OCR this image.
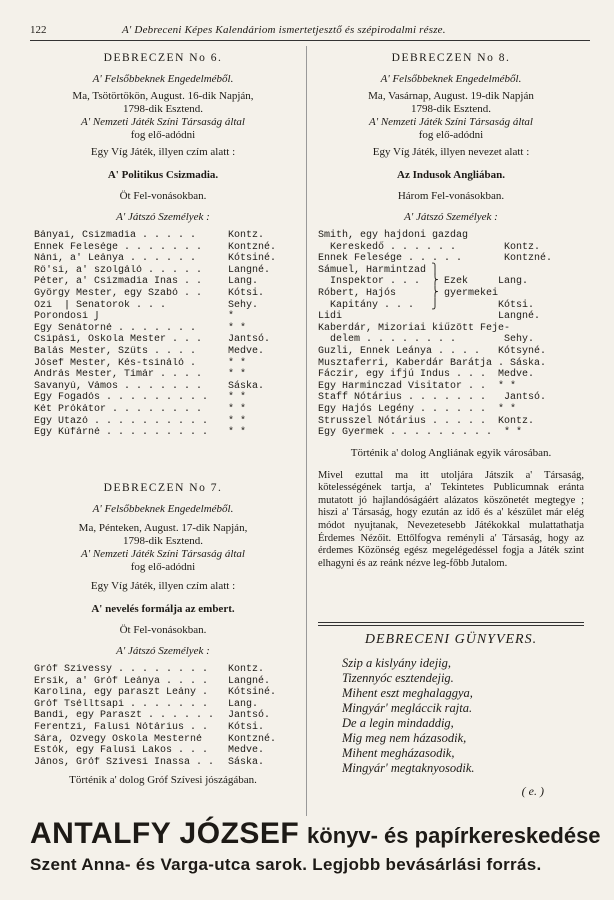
122	A' Debreceni Képes Kalendáriom ismertetjesztő és szépirodalmi része.
DEBRECZEN No 6.
A' Felsőbbeknek Engedelméből.
Ma, Tsötörtökön, August. 16-dik Napján,
1798-dik Esztend.
A' Nemzeti Játék Színi Társaság által
fog elő-adódni
Egy Víg Játék, illyen czím alatt :
A' Politikus Csizmadia.
Öt Fel-vonásokban.
A' Játszó Személyek :
Bányai, Csizmadia . . . . .	Kontz.
Ennek Felesége . . . . . . .	Kontzné.
Náni, a' Leánya . . . . . .	Kótsiné.
Rő'si, a' szolgáló . . . . .	Langné.
Péter, a' Csizmadia Inas . .	Lang.
György Mester, egy Szabó . .	Kótsi.
Özi  ⎫ Senatorok . . .	Sehy.
Porondosi ⎭	*
Egy Senátorné . . . . . . .	* *
Csipási, Oskola Mester . . .	Jantsó.
Balás Mester, Szűts . . . .	Medve.
Jósef Mester, Kés-tsináló .	* *
András Mester, Tímár . . . .	* *
Savanyú, Vámos . . . . . . .	Sáska.
Egy Fogadós . . . . . . . . . * *
Két Prókátor . . . . . . . .	* *
Egy Útazó . . . . . . . . . . * *
Egy Kúfárné . . . . . . . . . * *
DEBRECZEN No 7.
A' Felsőbbeknek Engedelméből.
Ma, Pénteken, August. 17-dik Napján,
1798-dik Esztend.
A' Nemzeti Játék Színi Társaság által
fog elő-adódni
Egy Víg Játék, illyen czím alatt :
A' nevelés formálja az embert.
Öt Fel-vonásokban.
A' Játszó Személyek :
Gróf Szívessy . . . . . . . . Kontz.
Ersik, a' Gróf Leánya . . . . Langné.
Karolina, egy paraszt Leány . Kótsiné.
Gróf Tsélltsapi . . . . . . . Lang.
Bandi, egy Paraszt . . . . . . Jantsó.
Ferentzi, Falusi Nótárius . . Kótsi.
Sára, Özvegy Oskola Mesterné	Kontzné.
Estók, egy Falusi Lakos . . . Medve.
János, Gróf Szívesi Inassa . . Sáska.
Történik a' dolog Gróf Szívesi jószágában.
DEBRECZEN No 8.
A' Felsőbbeknek Engedelméből.
Ma, Vasárnap, August. 19-dik Napján
1798-dik Esztend.
A' Nemzeti Játék Színi Társaság által
fog elő-adódni
Egy Víg Játék, illyen nevezet alatt :
Az Indusok Angliában.
Három Fel-vonásokban.
A' Játszó Személyek :
Smith, egy hajdoni gazdag
Kereskedő . . . . . .        Kontz.
Ennek Felesége . . . . .       Kontzné.
Sámuel, Harmintzad ⎫
Inspektor . . .  ⎬ Ezek     Lang.
Róbert, Hajós      ⎬ gyermekei
Kapitány . . .   ⎭          Kótsi.
Lidi                          Langné.
Kaberdár, Mizoriai kiűzött Feje-
delem . . . . . . . .        Sehy.
Guzli, Ennek Leánya . . . .   Kótsyné.
Musztaferri, Kaberdár Barátja . Sáska.
Fáczir, egy ifjú Indus . . .  Medve.
Egy Harminczad Visitator . .  * *
Staff Nótárius . . . . . . .   Jantsó.
Egy Hajós Legény . . . . . .  * *
Strusszel Nótárius . . . . .  Kontz.
Egy Gyermek . . . . . . . . .  * *
Történik a' dolog Angliának egyik városában.
Mivel ezuttal ma itt utoljára Játszik a' Társaság, kötelességének tartja, a' Tekintetes Publicumnak eránta mutatott jó hajlandóságáért alázatos köszönetét megtegye ; hiszi a' Társaság, hogy ezután az idő és a' készület már elég módot nyujtanak, Nevezetesebb Játékokkal mulattathatja Érdemes Nézőit. Ettőlfogva reményli a' Társaság, hogy az érdemes Közönség egész megelégedéssel fogja a Játék szint elhagyni és az reánk nézve leg-főbb Jutalom.
DEBRECENI GÜNYVERS.
Szip a kislyány idejig,
Tizennyóc esztendejig.
Mihent eszt meghalaggya,
Mingyár' megláccik rajta.
De a legin mindaddig,
Mig meg nem házasodik,
Mihent megházasodik,
Mingyár' megtaknyosodik.
( e. )
ANTALFY JÓZSEF könyv- és papírkereskedése
Szent Anna- és Varga-utca sarok. Legjobb bevásárlási forrás.
